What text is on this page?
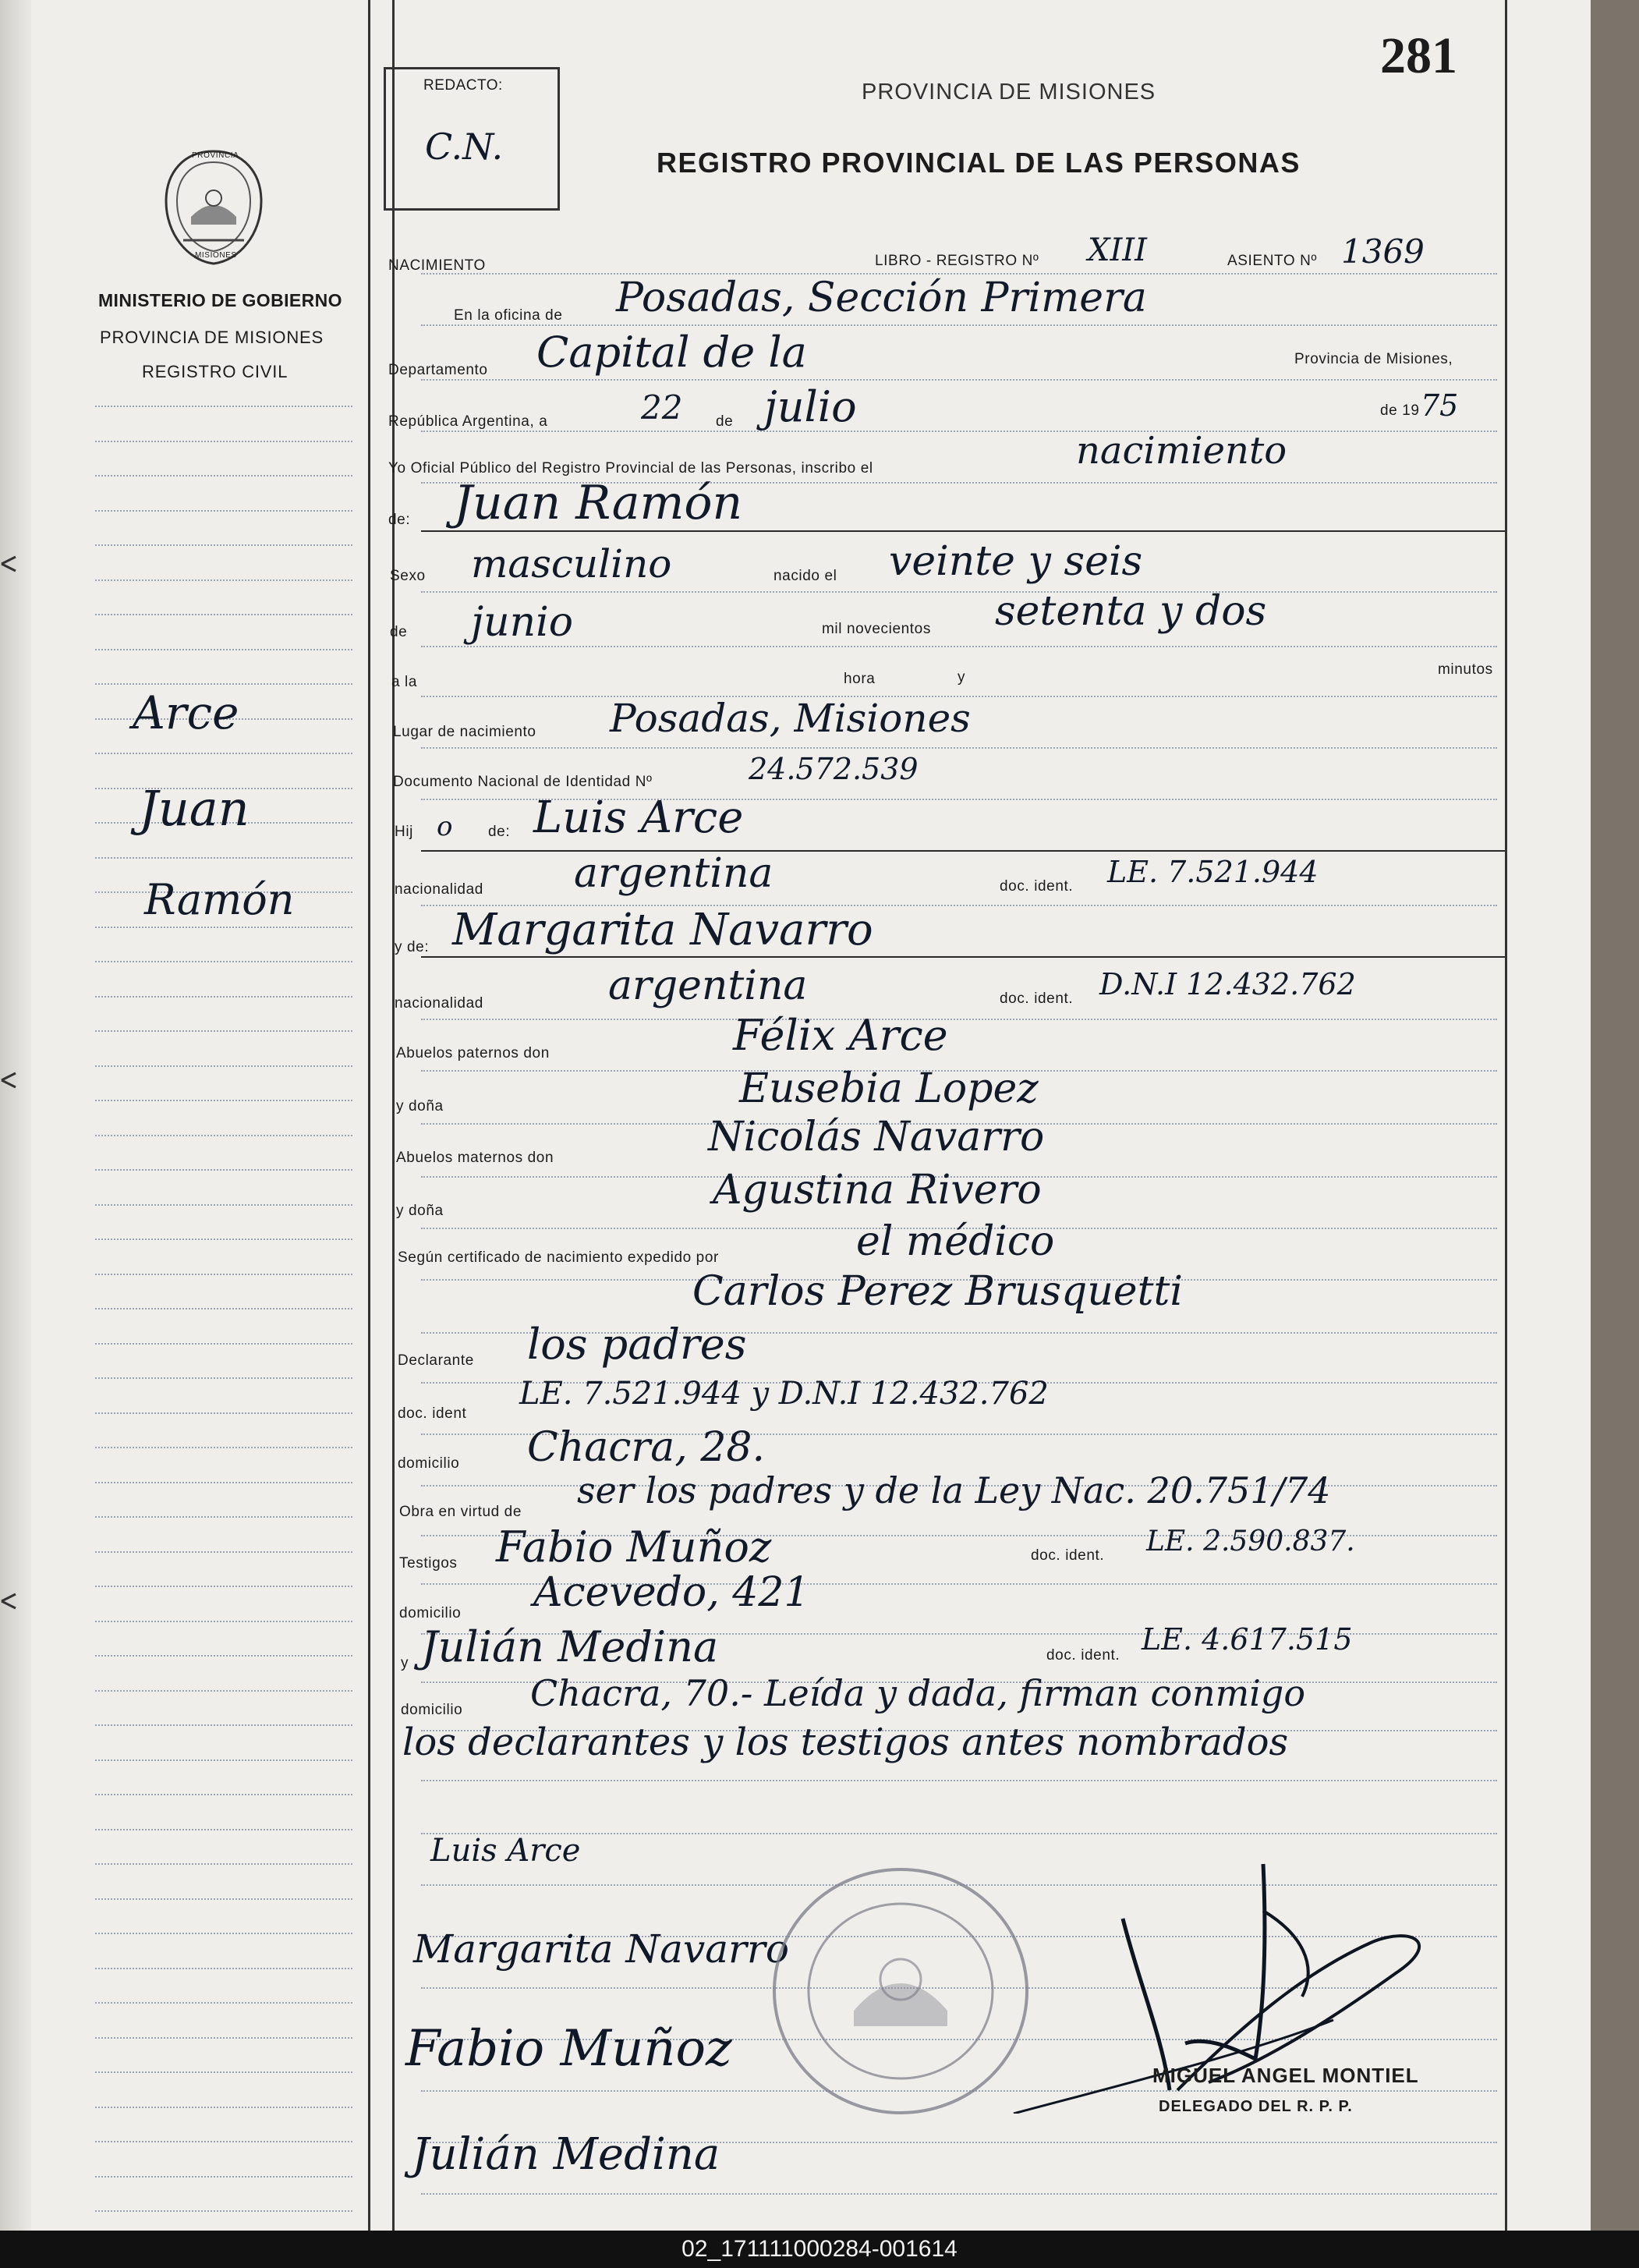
281
REDACTO:
C.N.
PROVINCIA DE MISIONES
REGISTRO PROVINCIAL DE LAS PERSONAS
PROVINCIA
MISIONES
MINISTERIO DE GOBIERNO
PROVINCIA DE MISIONES
REGISTRO CIVIL
Arce
Juan
Ramón
NACIMIENTO	LIBRO - REGISTRO Nº XIII	ASIENTO Nº 1369
En la oficina de Posadas, Sección Primera
Departamento Capital de la	Provincia de Misiones,
República Argentina, a	22 de julio	de 19 75
Yo Oficial Público del Registro Provincial de las Personas, inscribo el	nacimiento
de: Juan Ramón
Sexo masculino	nacido el veinte y seis
de junio	mil novecientos setenta y dos
a la	hora	y	minutos
Lugar de nacimiento Posadas, Misiones
Documento Nacional de Identidad Nº	24.572.539
Hij o de: Luis Arce
nacionalidad argentina	doc. ident. LE. 7.521.944
y de: Margarita Navarro
nacionalidad	argentina	doc. ident. D.N.I 12.432.762
Abuelos paternos don	Félix Arce
y doña	Eusebia Lopez
Abuelos maternos don	Nicolás Navarro
y doña	Agustina Rivero
Según certificado de nacimiento expedido por	el médico
Carlos Perez Brusquetti
Declarante los padres
doc. ident
LE. 7.521.944 y D.N.I 12.432.762
domicilio Chacra, 28.
Obra en virtud de
ser los padres y de la Ley Nac. 20.751/74
Testigos Fabio Muñoz	doc. ident. LE. 2.590.837.
domicilio Acevedo, 421
y Julián Medina	doc. ident. LE. 4.617.515
domicilio Chacra, 70.- Leída y dada, firman conmigo
los declarantes y los testigos antes nombrados
Luis Arce
Margarita Navarro
Fabio Muñoz
Julián Medina
MIGUEL ANGEL MONTIEL
DELEGADO DEL R. P. P.
02_171111000284-001614
